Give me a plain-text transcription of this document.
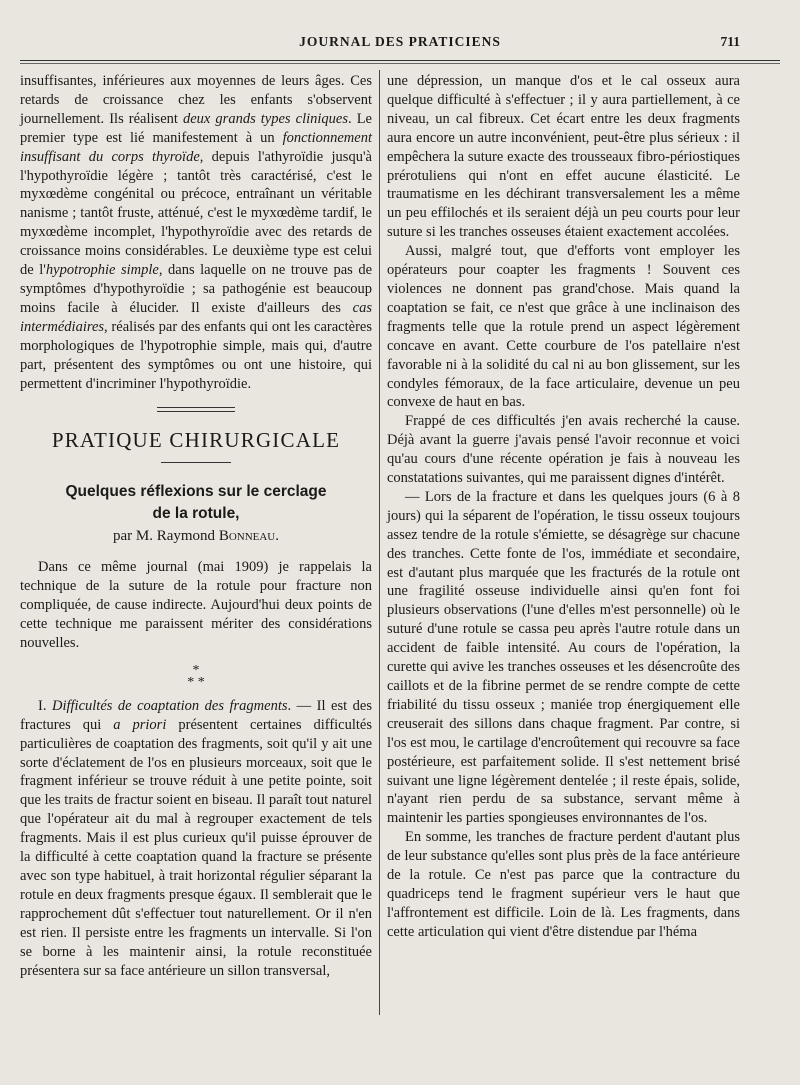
JOURNAL DES PRATICIENS	711

insuffisantes, inférieures aux moyennes de leurs âges. Ces retards de croissance chez les enfants s'observent journellement. Ils réalisent deux grands types cliniques. Le premier type est lié manifestement à un fonctionnement insuffisant du corps thyroïde, depuis l'athyroïdie jusqu'à l'hypothyroïdie légère ; tantôt très caractérisé, c'est le myxœdème congénital ou précoce, entraînant un véritable nanisme ; tantôt fruste, atténué, c'est le myxœdème tardif, le myxœdème incomplet, l'hypothyroïdie avec des retards de croissance moins considérables. Le deuxième type est celui de l'hypotrophie simple, dans laquelle on ne trouve pas de symptômes d'hypothyroïdie ; sa pathogénie est beaucoup moins facile à élucider. Il existe d'ailleurs des cas intermédiaires, réalisés par des enfants qui ont les caractères morphologiques de l'hypotrophie simple, mais qui, d'autre part, présentent des symptômes ou ont une histoire, qui permettent d'incriminer l'hypothyroïdie.

PRATIQUE CHIRURGICALE
Quelques réflexions sur le cerclage
de la rotule,
par M. Raymond Bonneau.

Dans ce même journal (mai 1909) je rappelais la technique de la suture de la rotule pour fracture non compliquée, de cause indirecte. Aujourd'hui deux points de cette technique me paraissent mériter des considérations nouvelles.

*
* *

I. Difficultés de coaptation des fragments. — Il est des fractures qui a priori présentent certaines difficultés particulières de coaptation des fragments, soit qu'il y ait une sorte d'éclatement de l'os en plusieurs morceaux, soit que le fragment inférieur se trouve réduit à une petite pointe, soit que les traits de fractur soient en biseau. Il paraît tout naturel que l'opérateur ait du mal à regrouper exactement de tels fragments. Mais il est plus curieux qu'il puisse éprouver de la difficulté à cette coaptation quand la fracture se présente avec son type habituel, à trait horizontal régulier séparant la rotule en deux fragments presque égaux. Il semblerait que le rapprochement dût s'effectuer tout naturellement. Or il n'en est rien. Il persiste entre les fragments un intervalle. Si l'on se borne à les maintenir ainsi, la rotule reconstituée présentera sur sa face antérieure un sillon transversal,

une dépression, un manque d'os et le cal osseux aura quelque difficulté à s'effectuer ; il y aura partiellement, à ce niveau, un cal fibreux. Cet écart entre les deux fragments aura encore un autre inconvénient, peut-être plus sérieux : il empêchera la suture exacte des trousseaux fibro-périostiques prérotuliens qui n'ont en effet aucune élasticité. Le traumatisme en les déchirant transversalement les a même un peu effilochés et ils seraient déjà un peu courts pour leur suture si les tranches osseuses étaient exactement accolées.

Aussi, malgré tout, que d'efforts vont employer les opérateurs pour coapter les fragments ! Souvent ces violences ne donnent pas grand'chose. Mais quand la coaptation se fait, ce n'est que grâce à une inclinaison des fragments telle que la rotule prend un aspect légèrement concave en avant. Cette courbure de l'os patellaire n'est favorable ni à la solidité du cal ni au bon glissement, sur les condyles fémoraux, de la face articulaire, devenue un peu convexe de haut en bas.

Frappé de ces difficultés j'en avais recherché la cause. Déjà avant la guerre j'avais pensé l'avoir reconnue et voici qu'au cours d'une récente opération je fais à nouveau les constatations suivantes, qui me paraissent dignes d'intérêt.

— Lors de la fracture et dans les quelques jours (6 à 8 jours) qui la séparent de l'opération, le tissu osseux toujours assez tendre de la rotule s'émiette, se désagrège sur chacune des tranches. Cette fonte de l'os, immédiate et secondaire, est d'autant plus marquée que les fracturés de la rotule ont une fragilité osseuse individuelle ainsi qu'en font foi plusieurs observations (l'une d'elles m'est personnelle) où le suturé d'une rotule se cassa peu après l'autre rotule dans un accident de faible intensité. Au cours de l'opération, la curette qui avive les tranches osseuses et les désencroûte des caillots et de la fibrine permet de se rendre compte de cette friabilité du tissu osseux ; maniée trop énergiquement elle creuserait des sillons dans chaque fragment. Par contre, si l'os est mou, le cartilage d'encroûtement qui recouvre sa face postérieure, est parfaitement solide. Il s'est nettement brisé suivant une ligne légèrement dentelée ; il reste épais, solide, n'ayant rien perdu de sa substance, servant même à maintenir les parties spongieuses environnantes de l'os.

En somme, les tranches de fracture perdent d'autant plus de leur substance qu'elles sont plus près de la face antérieure de la rotule. Ce n'est pas parce que la contracture du quadriceps tend le fragment supérieur vers le haut que l'affrontement est difficile. Loin de là. Les fragments, dans cette articulation qui vient d'être distendue par l'héma
